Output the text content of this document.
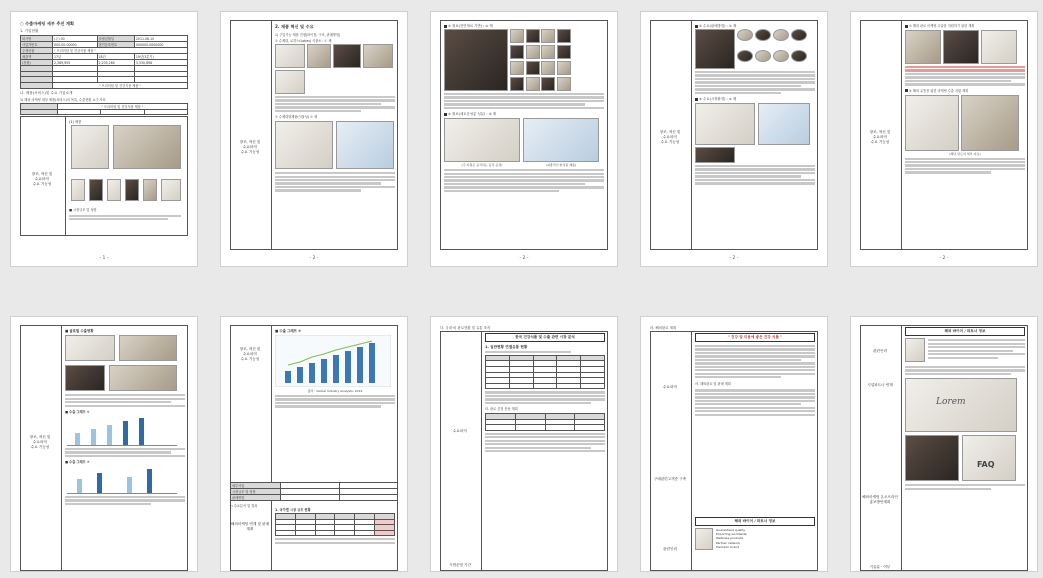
○ 수출마케팅 세부 추진 계획
1. 기업현황
회사명	(주) 00	설립년월일	2011.06.10
사업자번호	000-00-00000	법인등록번호	000000-0000000
주생산품	" 프리미엄 및 건강식품 제품 "		
매출액	17년	18년	19년(3분기)
(천원)	2,389,955	2,235,260	3,330,898

	" 프리미엄 및 건강식품 제품 "		
나. 제품(서비스)및 수요 기업소개
1) 해외 마케팅 대상 제품(서비스)의 목록, 수출현황 요구 자료
	" 프리미엄 및 건강식품 제품 "		

창조, 혁신 및
수요파악
수요 기능성
(1) 제품
■ 시장규모 및 성장
- 1 -
창조, 혁신 및
수요파악
수요 기능성
2. 제품 혁신 및 수요
1) 구입가능 제품 컨셉(타이틀, 구조, 판매방법)
① 수제대, 로하스(Lohas) 식품소 : ① 제
② 수제대형제품(식물성) ② 제
- 2 -
① 원료(천연재료 기반) : ② 제
② 원료(새로운성분 성분) : ③ 제
(주 자원은 음식하는 음식 공정)	(최종적인 완성품 제품)
- 2 -
창조, 혁신 및
수요파악
수요 기능성
① 수요(판매방법) : ① 제
② 수요(시장환경) : ② 제
- 2 -
창조, 혁신 및
수요파악
수요 기능성
② 해외 판로 마케팅 수출을 지원하기 위한 계획
③ 해외 유통을 위한 마케팅 수출 지원 계획
(해당 판로처 세부 자료)
- 2 -
창조, 혁신 및
수요파악
수요 기능성
■ 글로벌 수출현황
■ 수출 그래프 ①
■ 수출 그래프 ②
창조, 혁신 및
수요파악
수요 기능성
해외마케팅 연계 및 판매 계획
■ 수출 그래프 ③
출처 : Global Industry Analysts, 2019
세부사업		
시장규모 및 성장		
판매방법		
○ 수요분석 및 결과
1. 국가별 시장 규모 현황

다. 국내·외 판로현황 및 유통 조직
수요파악
시범운영 기간
한국 건강식품 및 수출 관련 시장 분석
1. 일반현황 연결유통 현황

라. 판로 중점 운용 계획

라. 해외판로 계획
수요파악
구매관련고객층 구축
관련인력
" 건강 및 미용에 좋은 건강 식품 "
마. 해외판로 및 판매 계획
해외 바이어 / 파트너 정보
Guaranteed quality
Exporting worldwide
Wellness products
Partner network
Premium brand
관련인력
시업파트너 연계
해외마케팅 온오프라인 홍보방안계획
기술분 · 여부
해외 바이어 / 파트너 정보
Lorem
FAQ
